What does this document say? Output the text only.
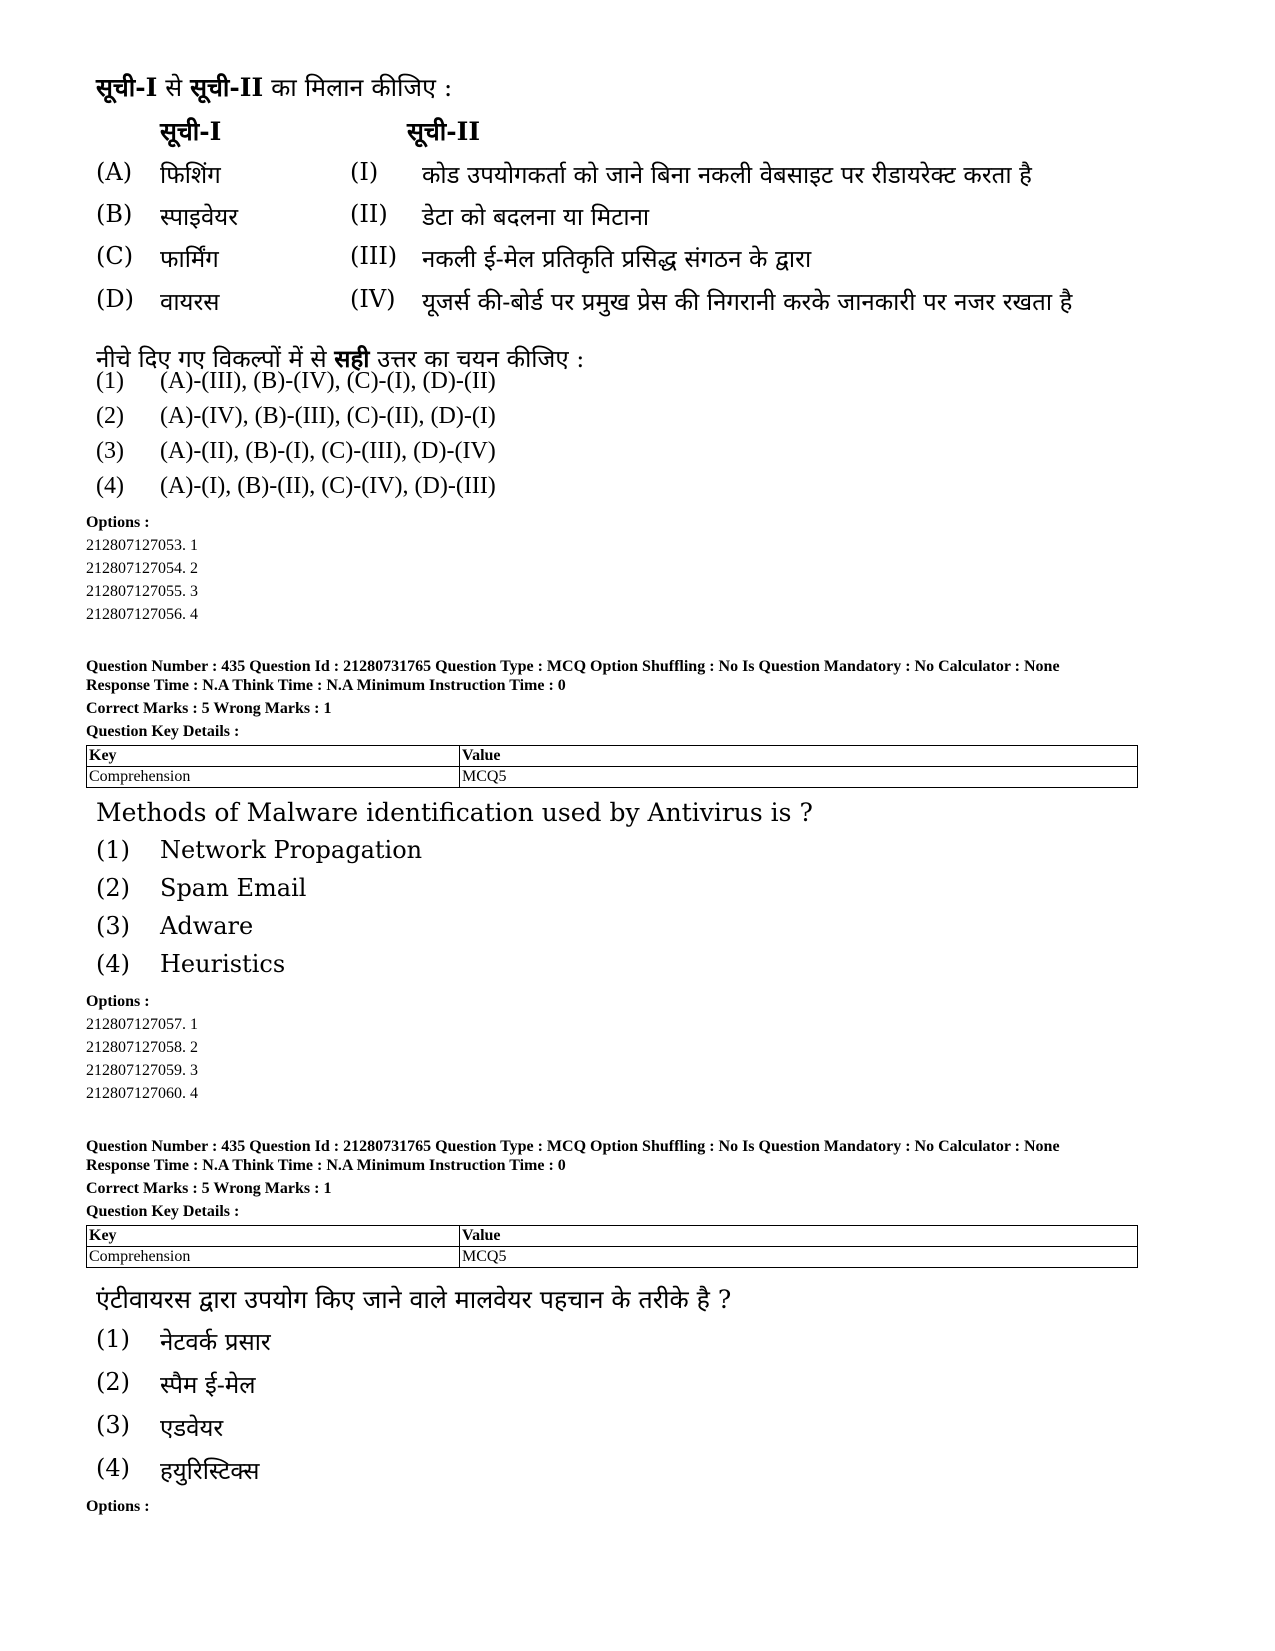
सूची-I से सूची-II का मिलान कीजिए :
सूची-I	सूची-II
(A) फिशिंग	(I) कोड उपयोगकर्ता को जाने बिना नकली वेबसाइट पर रीडायरेक्ट करता है
(B) स्पाइवेयर	(II) डेटा को बदलना या मिटाना
(C) फार्मिंग	(III) नकली ई-मेल प्रतिकृति प्रसिद्ध संगठन के द्वारा
(D) वायरस	(IV) यूजर्स की-बोर्ड पर प्रमुख प्रेस की निगरानी करके जानकारी पर नजर रखता है
नीचे दिए गए विकल्पों में से सही उत्तर का चयन कीजिए :
(1) (A)-(III), (B)-(IV), (C)-(I), (D)-(II)
(2) (A)-(IV), (B)-(III), (C)-(II), (D)-(I)
(3) (A)-(II), (B)-(I), (C)-(III), (D)-(IV)
(4) (A)-(I), (B)-(II), (C)-(IV), (D)-(III)
Options :
212807127053. 1
212807127054. 2
212807127055. 3
212807127056. 4
Question Number : 435 Question Id : 21280731765 Question Type : MCQ Option Shuffling : No Is Question Mandatory : No Calculator : None
Response Time : N.A Think Time : N.A Minimum Instruction Time : 0
Correct Marks : 5 Wrong Marks : 1
Question Key Details :
Key	Value
Comprehension	MCQ5
Methods of Malware identification used by Antivirus is ?
(1) Network Propagation
(2) Spam Email
(3) Adware
(4) Heuristics
Options :
212807127057. 1
212807127058. 2
212807127059. 3
212807127060. 4
Question Number : 435 Question Id : 21280731765 Question Type : MCQ Option Shuffling : No Is Question Mandatory : No Calculator : None
Response Time : N.A Think Time : N.A Minimum Instruction Time : 0
Correct Marks : 5 Wrong Marks : 1
Question Key Details :
Key	Value
Comprehension	MCQ5
एंटीवायरस द्वारा उपयोग किए जाने वाले मालवेयर पहचान के तरीके है ?
(1) नेटवर्क प्रसार
(2) स्पैम ई-मेल
(3) एडवेयर
(4) हयुरिस्टिक्स
Options :
